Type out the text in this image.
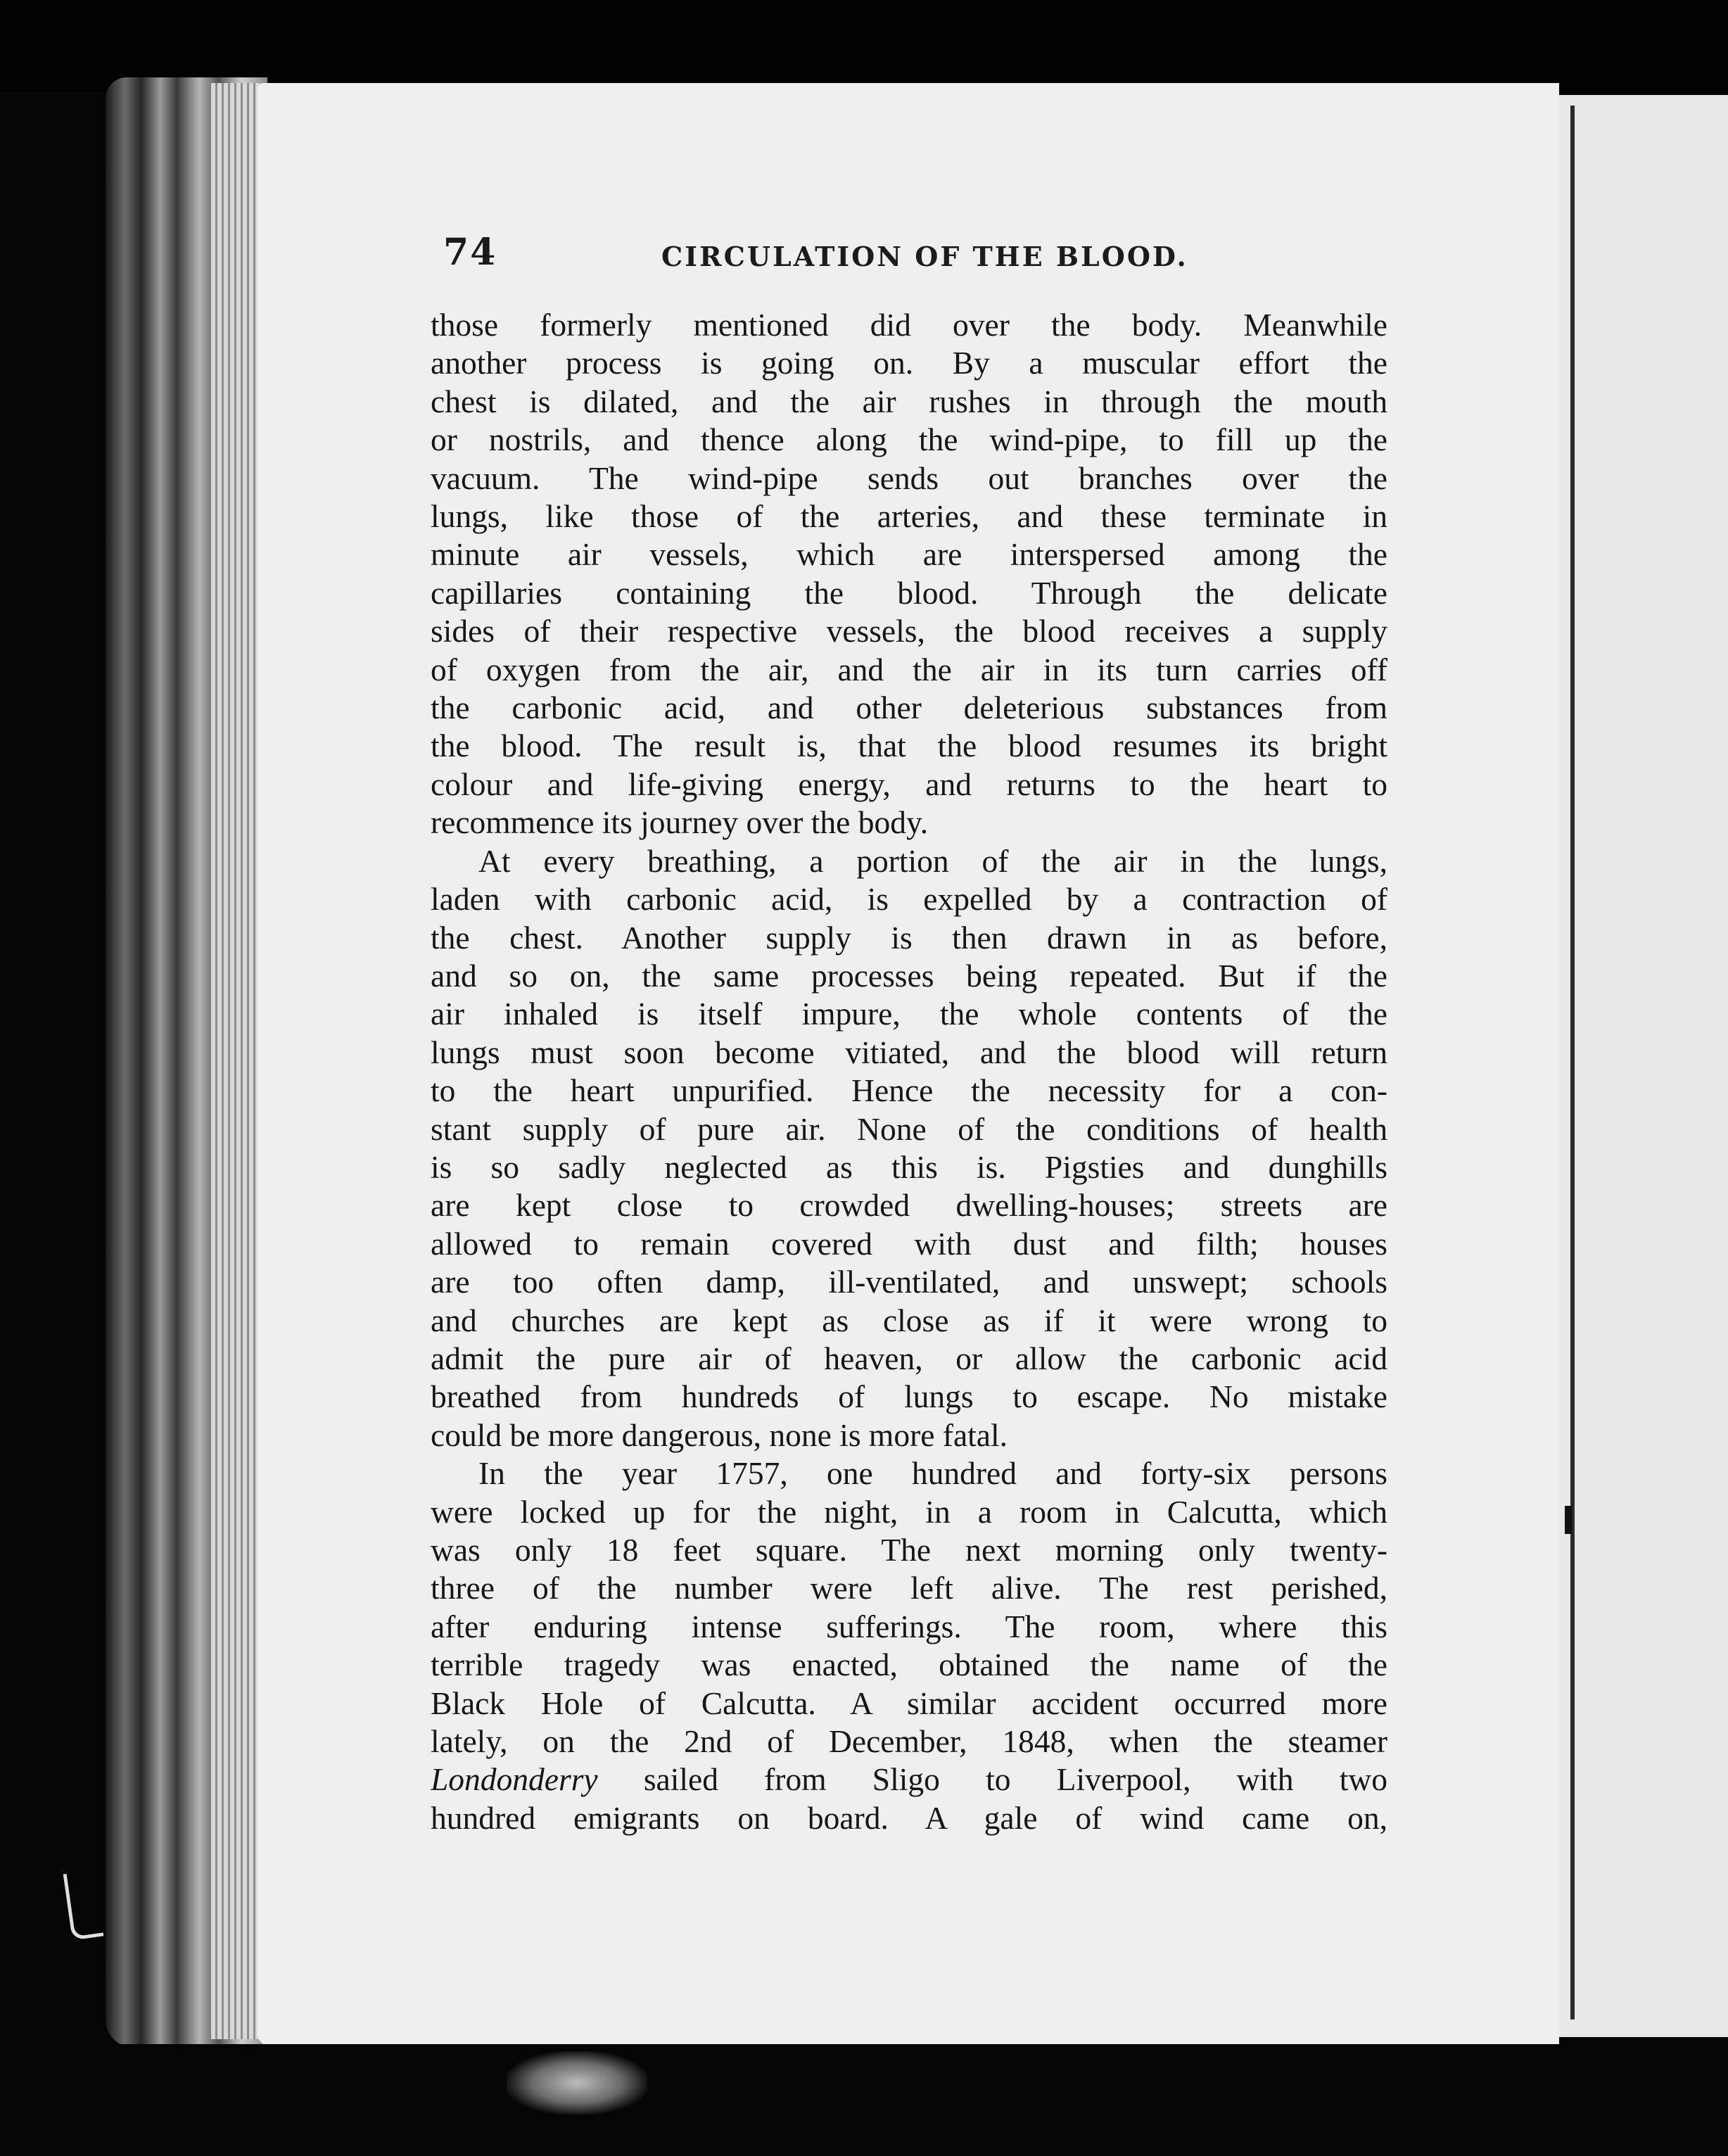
74	CIRCULATION OF THE BLOOD.
those formerly mentioned did over the body. Meanwhile
another process is going on. By a muscular effort the
chest is dilated, and the air rushes in through the mouth
or nostrils, and thence along the wind-pipe, to fill up the
vacuum. The wind-pipe sends out branches over the
lungs, like those of the arteries, and these terminate in
minute air vessels, which are interspersed among the
capillaries containing the blood. Through the delicate
sides of their respective vessels, the blood receives a supply
of oxygen from the air, and the air in its turn carries off
the carbonic acid, and other deleterious substances from
the blood. The result is, that the blood resumes its bright
colour and life-giving energy, and returns to the heart to
recommence its journey over the body.
At every breathing, a portion of the air in the lungs,
laden with carbonic acid, is expelled by a contraction of
the chest. Another supply is then drawn in as before,
and so on, the same processes being repeated. But if the
air inhaled is itself impure, the whole contents of the
lungs must soon become vitiated, and the blood will return
to the heart unpurified. Hence the necessity for a con-
stant supply of pure air. None of the conditions of health
is so sadly neglected as this is. Pigsties and dunghills
are kept close to crowded dwelling-houses; streets are
allowed to remain covered with dust and filth; houses
are too often damp, ill-ventilated, and unswept; schools
and churches are kept as close as if it were wrong to
admit the pure air of heaven, or allow the carbonic acid
breathed from hundreds of lungs to escape. No mistake
could be more dangerous, none is more fatal.
In the year 1757, one hundred and forty-six persons
were locked up for the night, in a room in Calcutta, which
was only 18 feet square. The next morning only twenty-
three of the number were left alive. The rest perished,
after enduring intense sufferings. The room, where this
terrible tragedy was enacted, obtained the name of the
Black Hole of Calcutta. A similar accident occurred more
lately, on the 2nd of December, 1848, when the steamer
Londonderry sailed from Sligo to Liverpool, with two
hundred emigrants on board. A gale of wind came on,
